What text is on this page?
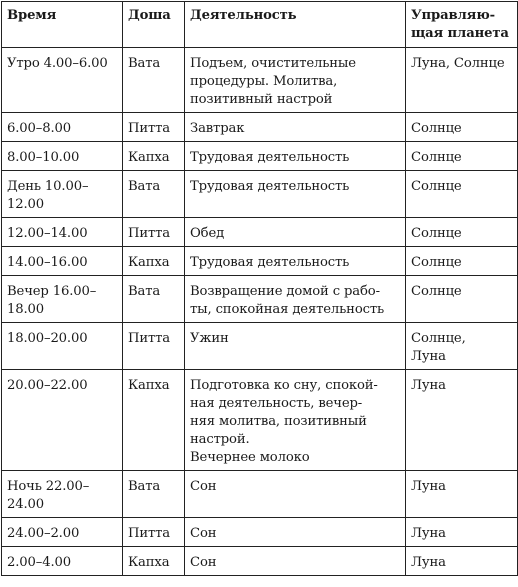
Время	Доша	Деятельность	Управляю-
щая планета
Утро 4.00–6.00	Вата	Подъем, очистительные
процедуры. Молитва,
позитивный настрой	Луна, Солнце
6.00–8.00	Питта	Завтрак	Солнце
8.00–10.00	Капха	Трудовая деятельность	Солнце
День 10.00–
12.00	Вата	Трудовая деятельность	Солнце
12.00–14.00	Питта	Обед	Солнце
14.00–16.00	Капха	Трудовая деятельность	Солнце
Вечер 16.00–
18.00	Вата	Возвращение домой с рабо-
ты, спокойная деятельность	Солнце
18.00–20.00	Питта	Ужин	Солнце,
Луна
20.00–22.00	Капха	Подготовка ко сну, спокой-
ная деятельность, вечер-
няя молитва, позитивный
настрой.
Вечернее молоко	Луна
Ночь 22.00–
24.00	Вата	Сон	Луна
24.00–2.00	Питта	Сон	Луна
2.00–4.00	Капха	Сон	Луна
